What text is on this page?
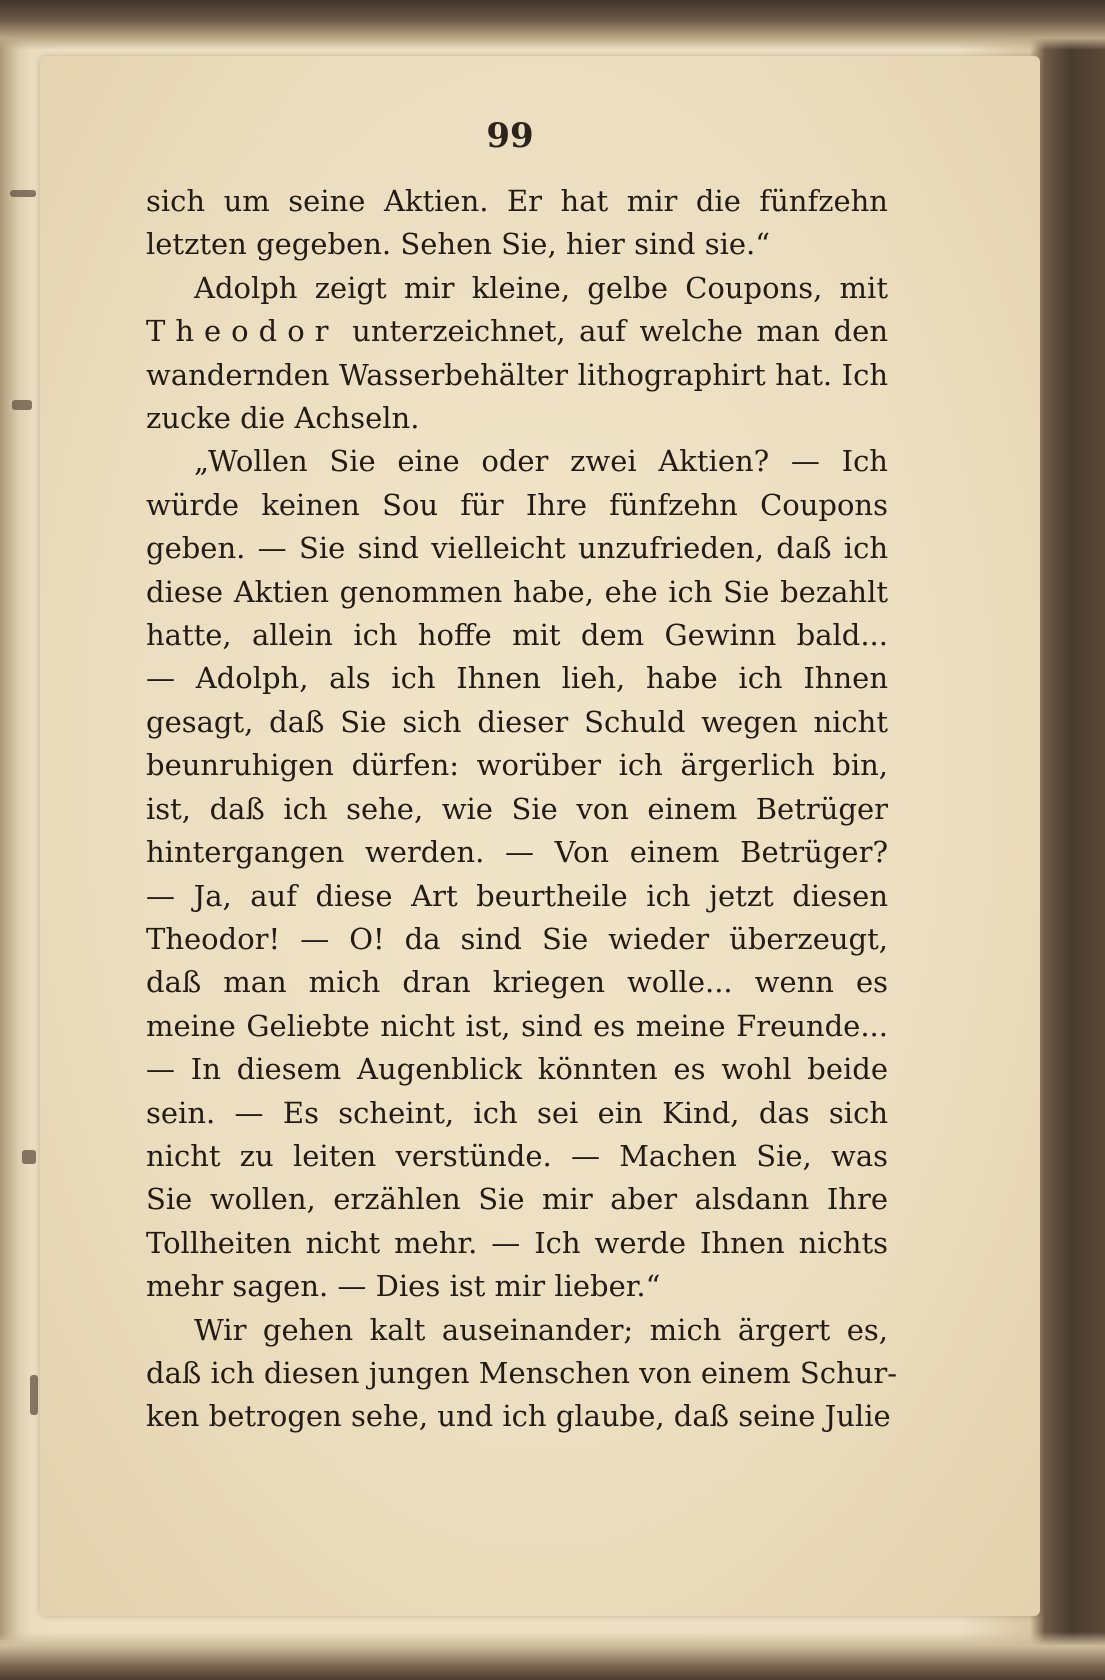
99
sich um seine Aktien. Er hat mir die fünfzehn
letzten gegeben. Sehen Sie, hier sind sie.“
Adolph zeigt mir kleine, gelbe Coupons, mit
Theodor unterzeichnet, auf welche man den
wandernden Wasserbehälter lithographirt hat. Ich
zucke die Achseln.
„Wollen Sie eine oder zwei Aktien? — Ich
würde keinen Sou für Ihre fünfzehn Coupons
geben. — Sie sind vielleicht unzufrieden, daß ich
diese Aktien genommen habe, ehe ich Sie bezahlt
hatte, allein ich hoffe mit dem Gewinn bald...
— Adolph, als ich Ihnen lieh, habe ich Ihnen
gesagt, daß Sie sich dieser Schuld wegen nicht
beunruhigen dürfen: worüber ich ärgerlich bin,
ist, daß ich sehe, wie Sie von einem Betrüger
hintergangen werden. — Von einem Betrüger?
— Ja, auf diese Art beurtheile ich jetzt diesen
Theodor! — O! da sind Sie wieder überzeugt,
daß man mich dran kriegen wolle... wenn es
meine Geliebte nicht ist, sind es meine Freunde...
— In diesem Augenblick könnten es wohl beide
sein. — Es scheint, ich sei ein Kind, das sich
nicht zu leiten verstünde. — Machen Sie, was
Sie wollen, erzählen Sie mir aber alsdann Ihre
Tollheiten nicht mehr. — Ich werde Ihnen nichts
mehr sagen. — Dies ist mir lieber.“
Wir gehen kalt auseinander; mich ärgert es,
daß ich diesen jungen Menschen von einem Schur-
ken betrogen sehe, und ich glaube, daß seine Julie
